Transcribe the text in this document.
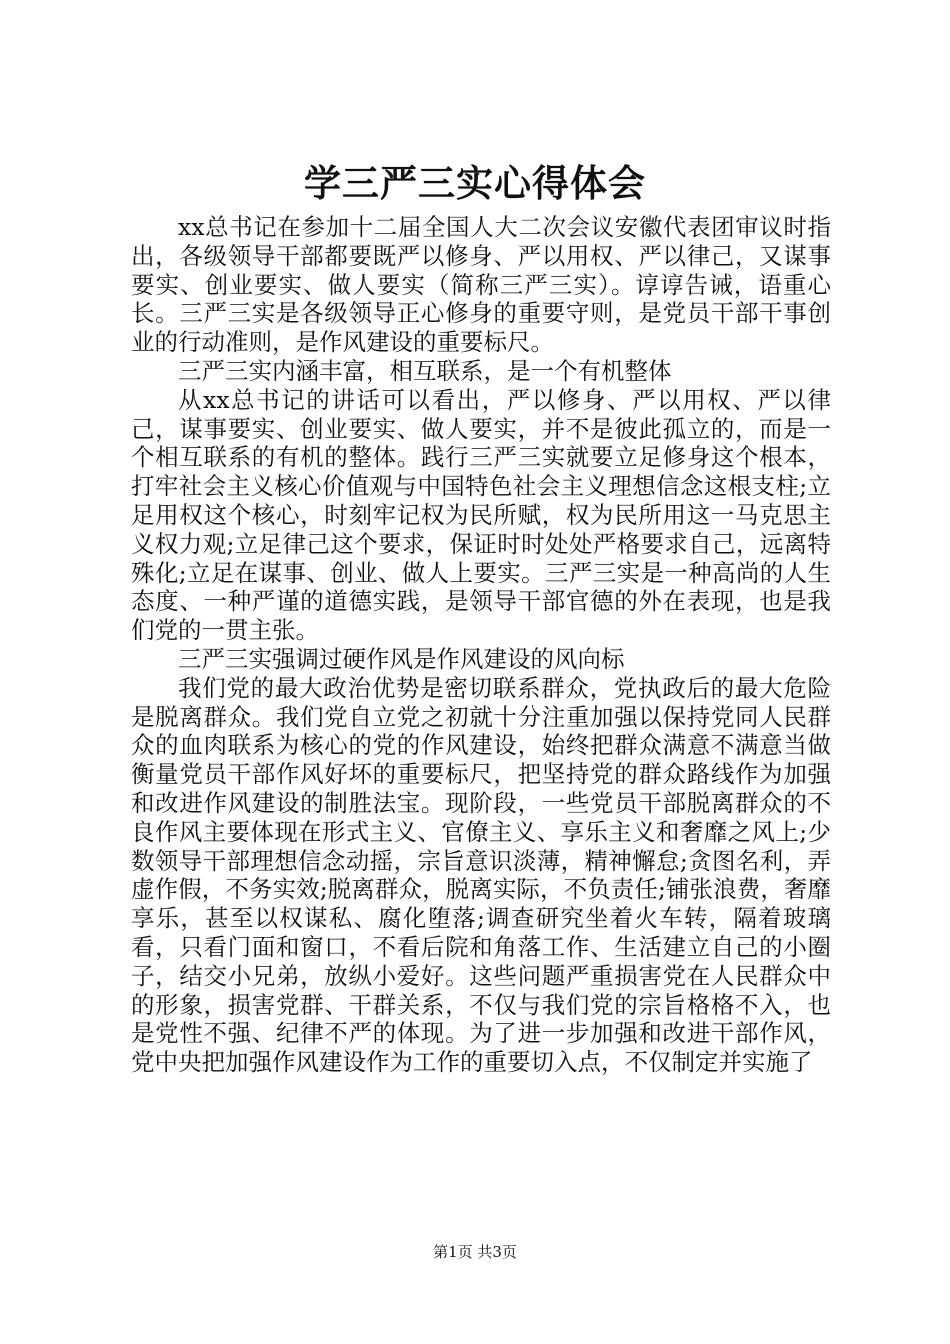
学三严三实心得体会

xx总书记在参加十二届全国人大二次会议安徽代表团审议时指出，各级领导干部都要既严以修身、严以用权、严以律己，又谋事要实、创业要实、做人要实（简称三严三实）。谆谆告诫，语重心长。三严三实是各级领导正心修身的重要守则，是党员干部干事创业的行动准则，是作风建设的重要标尺。

三严三实内涵丰富，相互联系，是一个有机整体

从xx总书记的讲话可以看出，严以修身、严以用权、严以律己，谋事要实、创业要实、做人要实，并不是彼此孤立的，而是一个相互联系的有机的整体。践行三严三实就要立足修身这个根本，打牢社会主义核心价值观与中国特色社会主义理想信念这根支柱;立足用权这个核心，时刻牢记权为民所赋，权为民所用这一马克思主义权力观;立足律己这个要求，保证时时处处严格要求自己，远离特殊化;立足在谋事、创业、做人上要实。三严三实是一种高尚的人生态度、一种严谨的道德实践，是领导干部官德的外在表现，也是我们党的一贯主张。

三严三实强调过硬作风是作风建设的风向标

我们党的最大政治优势是密切联系群众，党执政后的最大危险是脱离群众。我们党自立党之初就十分注重加强以保持党同人民群众的血肉联系为核心的党的作风建设，始终把群众满意不满意当做衡量党员干部作风好坏的重要标尺，把坚持党的群众路线作为加强和改进作风建设的制胜法宝。现阶段，一些党员干部脱离群众的不良作风主要体现在形式主义、官僚主义、享乐主义和奢靡之风上;少数领导干部理想信念动摇，宗旨意识淡薄，精神懈怠;贪图名利，弄虚作假，不务实效;脱离群众，脱离实际，不负责任;铺张浪费，奢靡享乐，甚至以权谋私、腐化堕落;调查研究坐着火车转，隔着玻璃看，只看门面和窗口，不看后院和角落工作、生活建立自己的小圈子，结交小兄弟，放纵小爱好。这些问题严重损害党在人民群众中的形象，损害党群、干群关系，不仅与我们党的宗旨格格不入，也是党性不强、纪律不严的体现。为了进一步加强和改进干部作风，党中央把加强作风建设作为工作的重要切入点，不仅制定并实施了

第1页 共3页
